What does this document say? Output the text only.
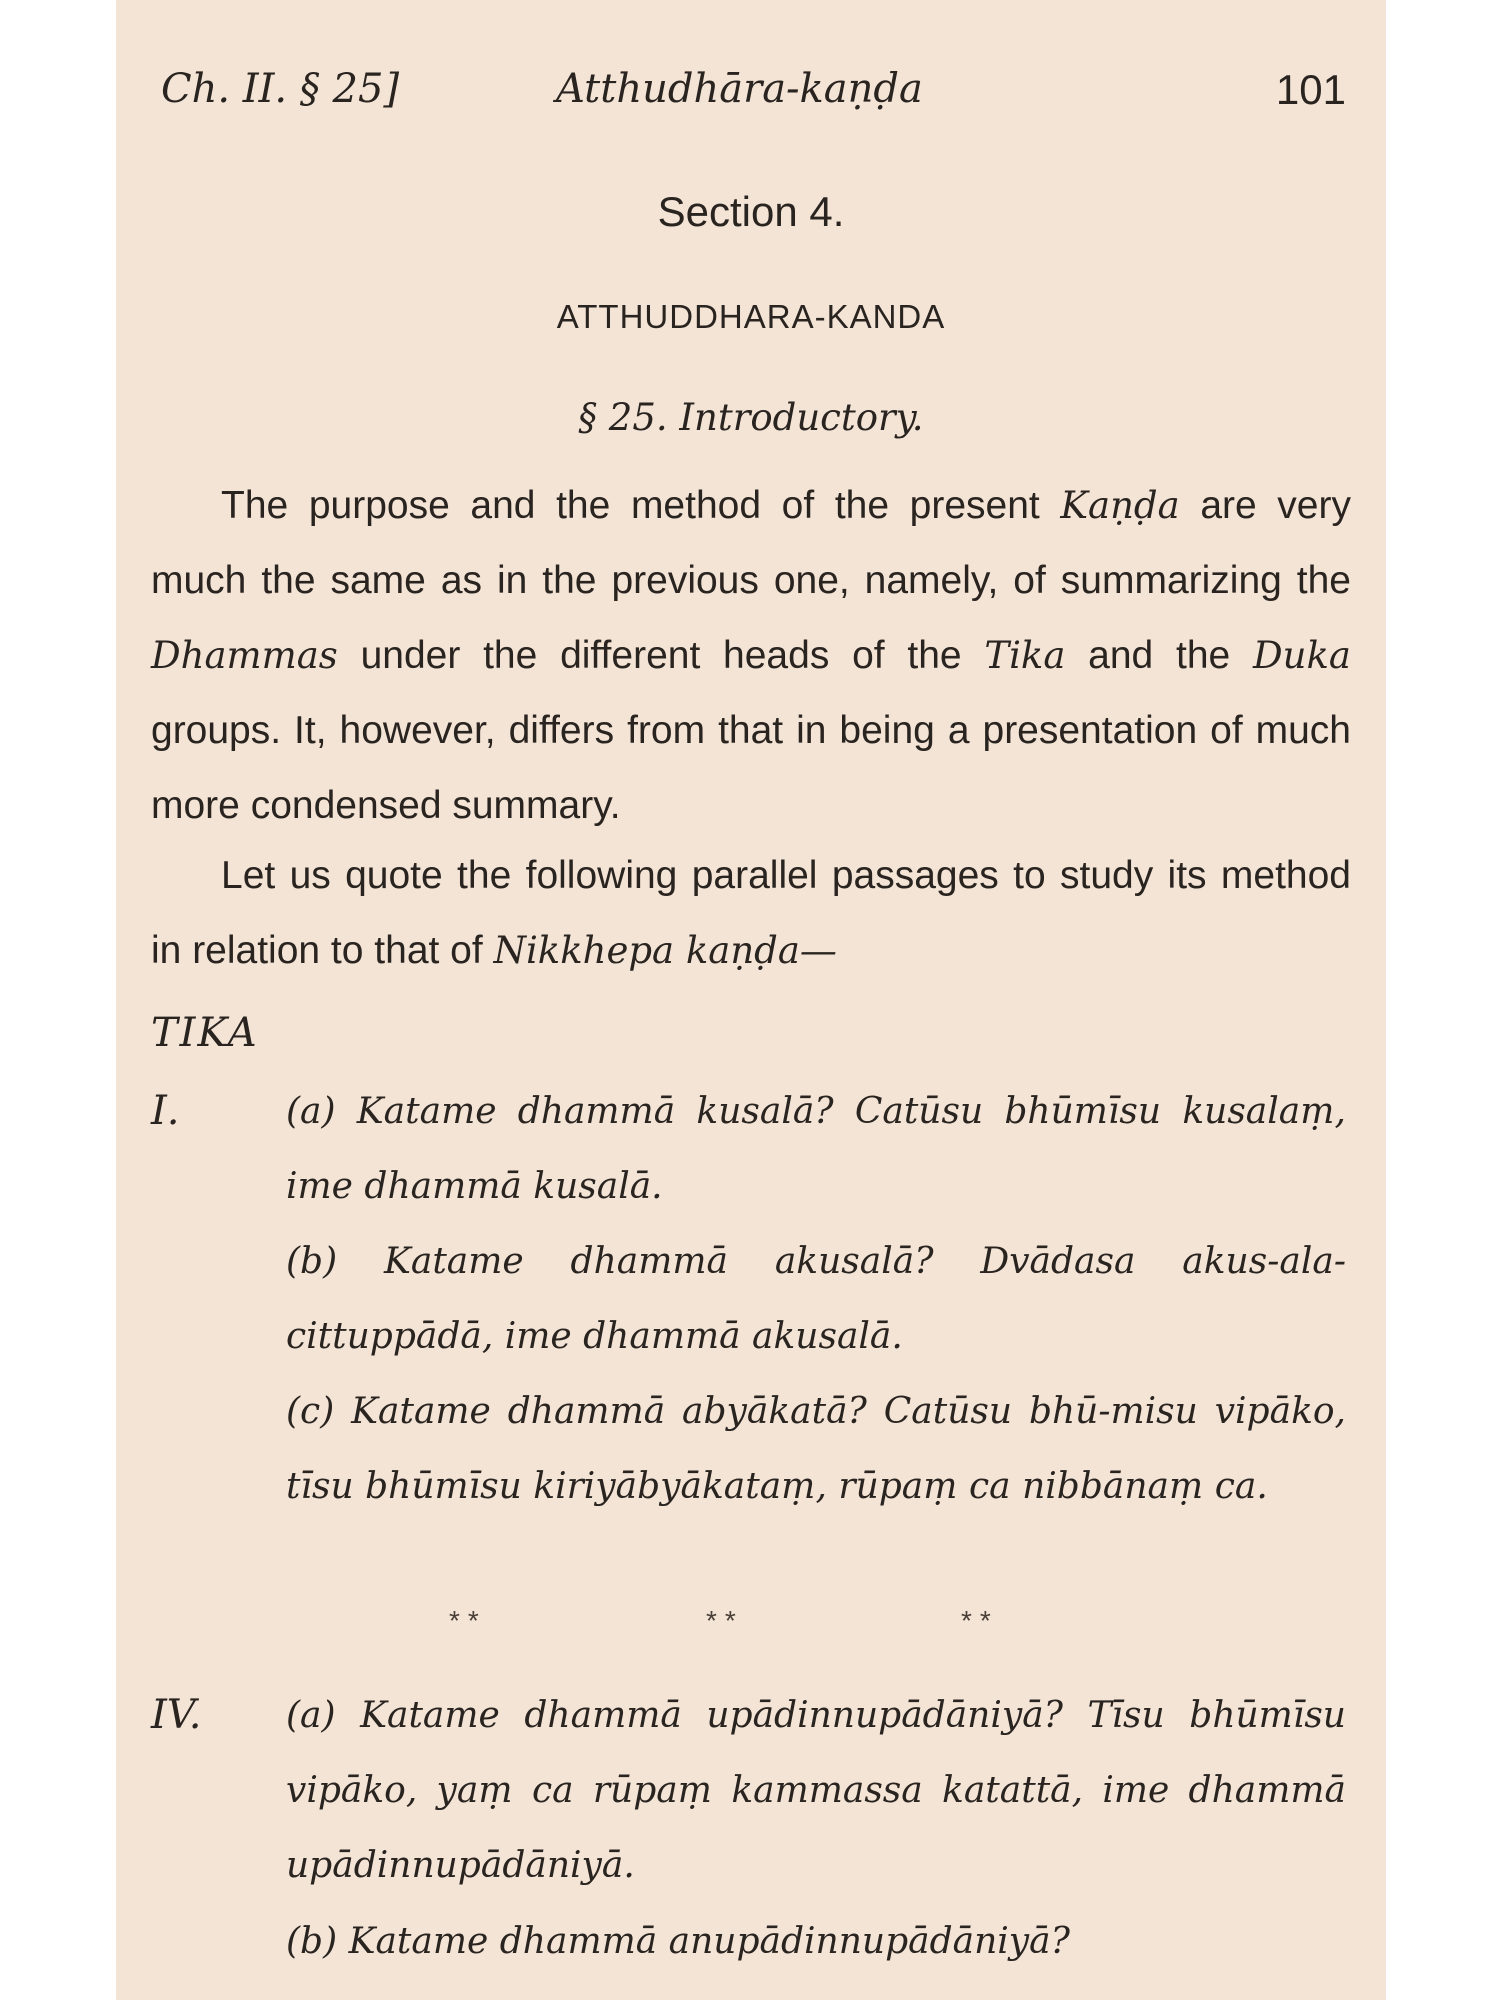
Ch. II. § 25]	Atthudhāra-kaṇḍa	101
Section 4.
ATTHUDDHARA-KANDA
§ 25. Introductory.
The purpose and the method of the present Kaṇḍa are very much the same as in the previous one, namely, of summarizing the Dhammas under the different heads of the Tika and the Duka groups. It, however, differs from that in being a presentation of much more condensed summary.
Let us quote the following parallel passages to study its method in relation to that of Nikkhepa kaṇḍa—
TIKA
I.	(a) Katame dhammā kusalā? Catūsu bhūmīsu kusalaṃ, ime dhammā kusalā.
(b) Katame dhammā akusalā? Dvādasa akus-ala-cittuppādā, ime dhammā akusalā.
(c) Katame dhammā abyākatā? Catūsu bhū-misu vipāko, tīsu bhūmīsu kiriyābyākataṃ, rūpaṃ ca nibbānaṃ ca.
**	**	**
IV. (a) Katame dhammā upādinnupādāniyā? Tīsu bhūmīsu vipāko, yaṃ ca rūpaṃ kammassa katattā, ime dhammā upādinnupādāniyā.
(b) Katame dhammā anupādinnupādāniyā?
